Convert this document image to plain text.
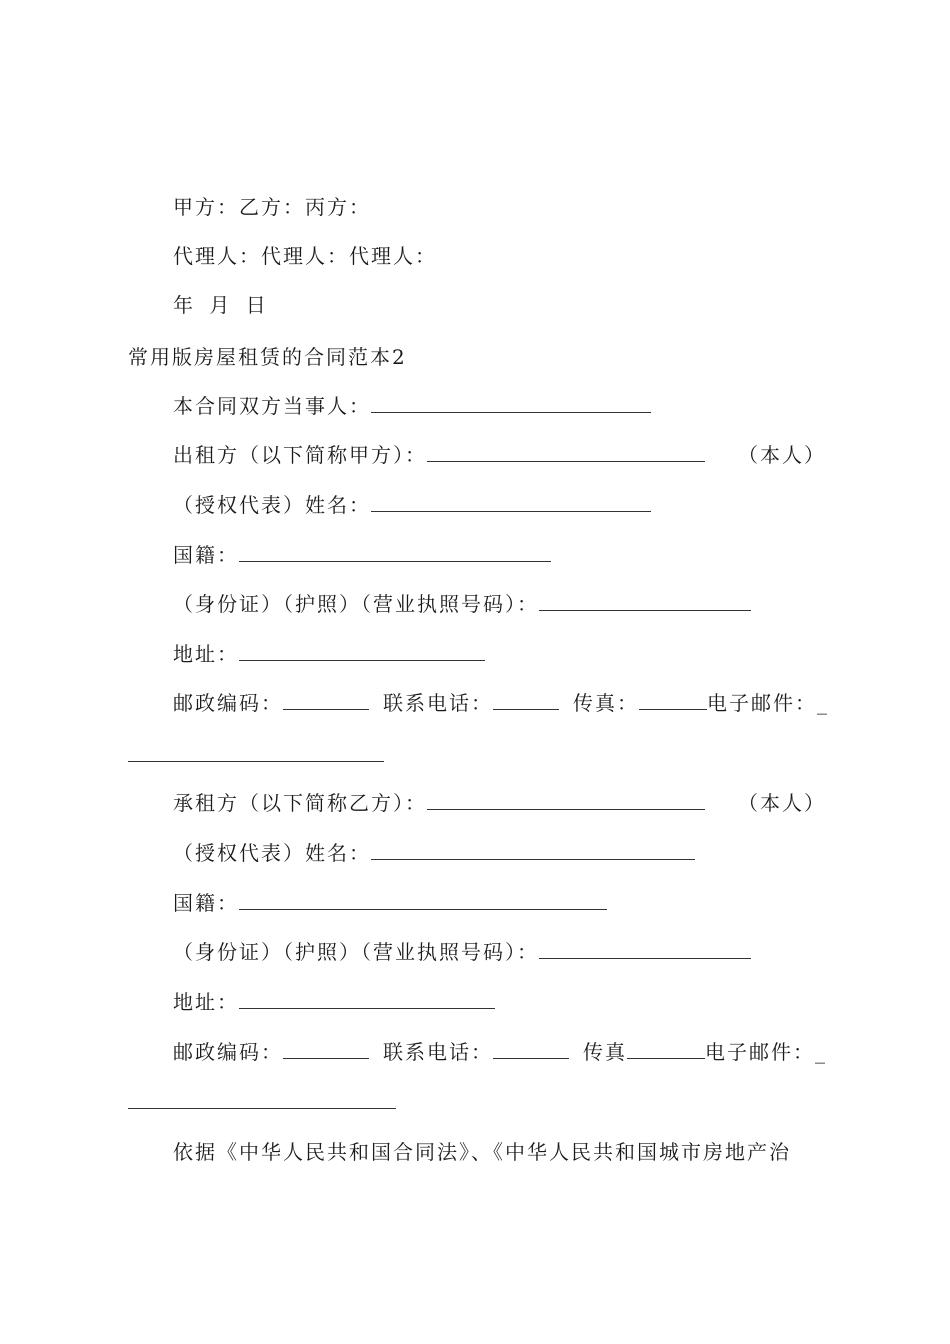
甲方：乙方：丙方：
代理人：代理人：代理人：
年 月 日
常用版房屋租赁的合同范本2
本合同双方当事人：
出租方（以下简称甲方）：	（本人）
（授权代表）姓名：
国籍：
（身份证）（护照）（营业执照号码）：
地址：
邮政编码：	联系电话：	传真：	电子邮件：_
承租方（以下简称乙方）：	（本人）
（授权代表）姓名：
国籍：
（身份证）（护照）（营业执照号码）：
地址：
邮政编码：	联系电话：	传真	电子邮件：_
依据《中华人民共和国合同法》、《中华人民共和国城市房地产治
